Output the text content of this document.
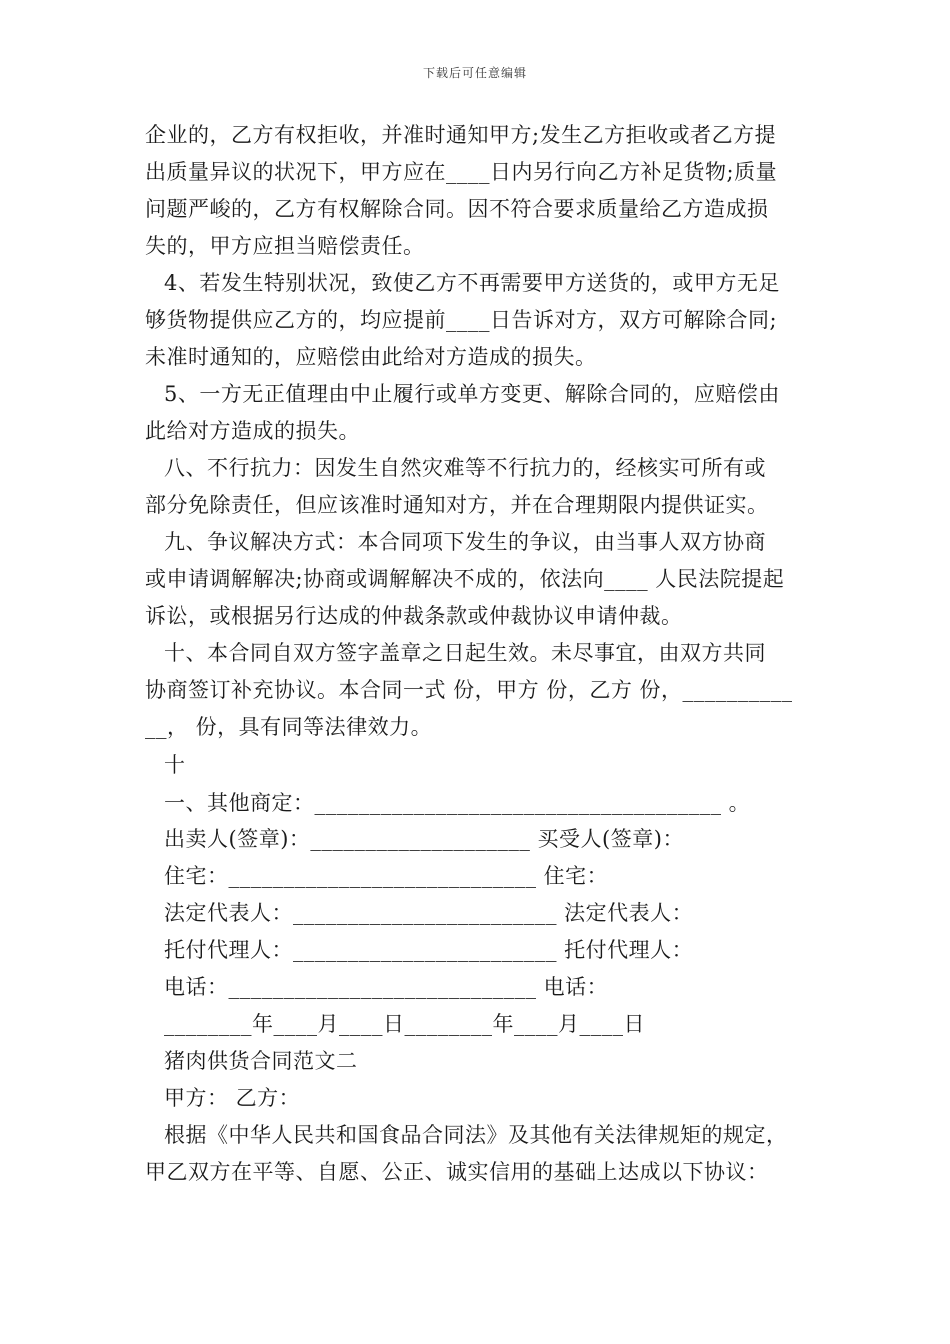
下载后可任意编辑
企业的，乙方有权拒收，并准时通知甲方;发生乙方拒收或者乙方提
出质量异议的状况下，甲方应在____日内另行向乙方补足货物;质量
问题严峻的，乙方有权解除合同。因不符合要求质量给乙方造成损
失的，甲方应担当赔偿责任。
4、若发生特别状况，致使乙方不再需要甲方送货的，或甲方无足
够货物提供应乙方的，均应提前____日告诉对方，双方可解除合同;
未准时通知的，应赔偿由此给对方造成的损失。
5、一方无正值理由中止履行或单方变更、解除合同的，应赔偿由
此给对方造成的损失。
八、不行抗力：因发生自然灾难等不行抗力的，经核实可所有或
部分免除责任，但应该准时通知对方，并在合理期限内提供证实。
九、争议解决方式：本合同项下发生的争议，由当事人双方协商
或申请调解解决;协商或调解解决不成的，依法向____ 人民法院提起
诉讼，或根据另行达成的仲裁条款或仲裁协议申请仲裁。
十、本合同自双方签字盖章之日起生效。未尽事宜，由双方共同
协商签订补充协议。本合同一式 份，甲方 份，乙方 份，__________
__， 份，具有同等法律效力。
十
一、其他商定：_____________________________________ 。
出卖人(签章)：____________________ 买受人(签章)：
住宅：____________________________ 住宅：
法定代表人：________________________ 法定代表人：
托付代理人：________________________ 托付代理人：
电话：____________________________ 电话：
________年____月____日________年____月____日
猪肉供货合同范文二
甲方： 乙方：
根据《中华人民共和国食品合同法》及其他有关法律规矩的规定，
甲乙双方在平等、自愿、公正、诚实信用的基础上达成以下协议：
